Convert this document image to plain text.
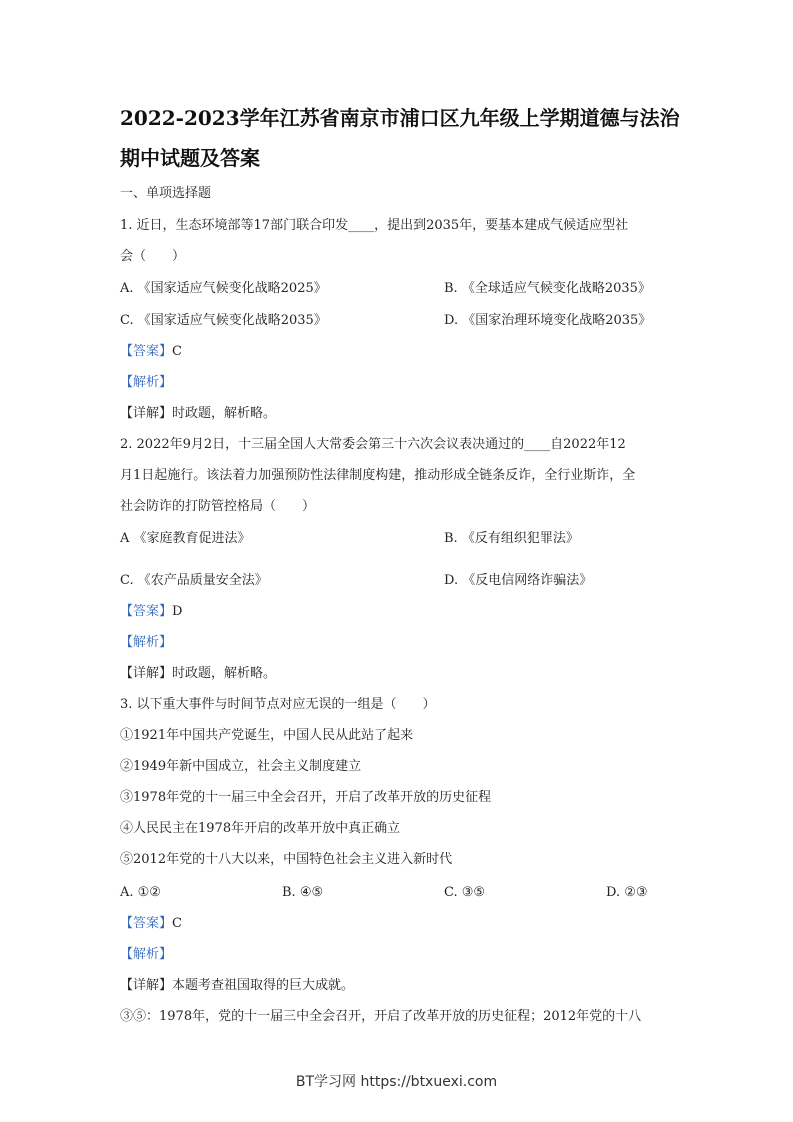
2022-2023学年江苏省南京市浦口区九年级上学期道德与法治期中试题及答案
一、单项选择题
1. 近日，生态环境部等17部门联合印发____，提出到2035年，要基本建成气候适应型社
会（　　）
A. 《国家适应气候变化战略2025》	B. 《全球适应气候变化战略2035》
C. 《国家适应气候变化战略2035》	D. 《国家治理环境变化战略2035》
【答案】C
【解析】
【详解】时政题，解析略。
2. 2022年9月2日，十三届全国人大常委会第三十六次会议表决通过的____自2022年12
月1日起施行。该法着力加强预防性法律制度构建，推动形成全链条反诈，全行业斯诈，全
社会防诈的打防管控格局（　　）
A 《家庭教育促进法》	B. 《反有组织犯罪法》
C. 《农产品质量安全法》	D. 《反电信网络诈骗法》
【答案】D
【解析】
【详解】时政题，解析略。
3. 以下重大事件与时间节点对应无误的一组是（　　）
①1921年中国共产党诞生，中国人民从此站了起来
②1949年新中国成立，社会主义制度建立
③1978年党的十一届三中全会召开，开启了改革开放的历史征程
④人民民主在1978年开启的改革开放中真正确立
⑤2012年党的十八大以来，中国特色社会主义进入新时代
A. ①②	B. ④⑤	C. ③⑤	D. ②③
【答案】C
【解析】
【详解】本题考查祖国取得的巨大成就。
③⑤：1978年，党的十一届三中全会召开，开启了改革开放的历史征程；2012年党的十八
BT学习网 https://btxuexi.com
